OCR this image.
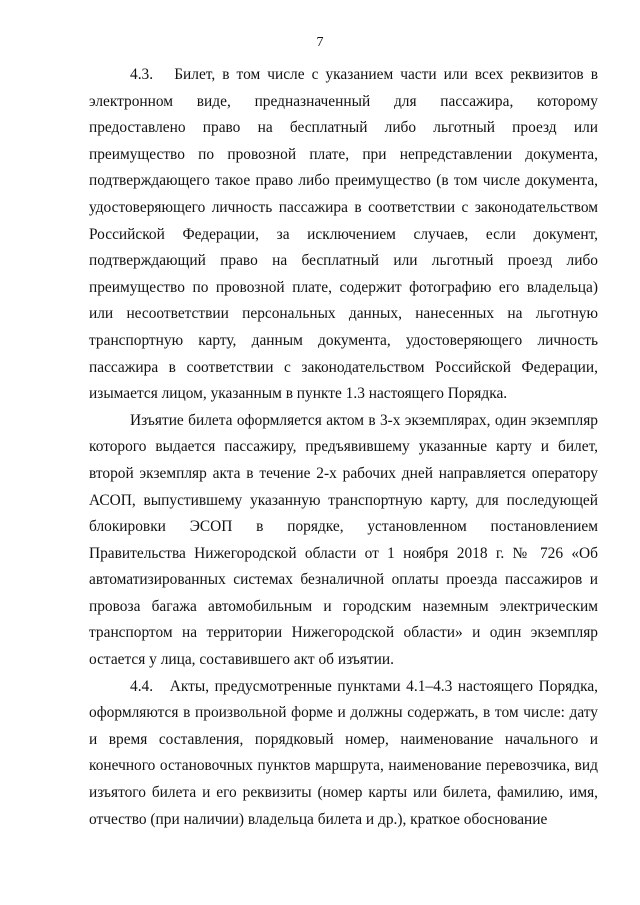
7

4.3. Билет, в том числе с указанием части или всех реквизитов в электронном виде, предназначенный для пассажира, которому предоставлено право на бесплатный либо льготный проезд или преимущество по провозной плате, при непредставлении документа, подтверждающего такое право либо преимущество (в том числе документа, удостоверяющего личность пассажира в соответствии с законодательством Российской Федерации, за исключением случаев, если документ, подтверждающий право на бесплатный или льготный проезд либо преимущество по провозной плате, содержит фотографию его владельца) или несоответствии персональных данных, нанесенных на льготную транспортную карту, данным документа, удостоверяющего личность пассажира в соответствии с законодательством Российской Федерации, изымается лицом, указанным в пункте 1.3 настоящего Порядка.

Изъятие билета оформляется актом в 3-х экземплярах, один экземпляр которого выдается пассажиру, предъявившему указанные карту и билет, второй экземпляр акта в течение 2-х рабочих дней направляется оператору АСОП, выпустившему указанную транспортную карту, для последующей блокировки ЭСОП в порядке, установленном постановлением Правительства Нижегородской области от 1 ноября 2018 г. № 726 «Об автоматизированных системах безналичной оплаты проезда пассажиров и провоза багажа автомобильным и городским наземным электрическим транспортом на территории Нижегородской области» и один экземпляр остается у лица, составившего акт об изъятии.

4.4. Акты, предусмотренные пунктами 4.1–4.3 настоящего Порядка, оформляются в произвольной форме и должны содержать, в том числе: дату и время составления, порядковый номер, наименование начального и конечного остановочных пунктов маршрута, наименование перевозчика, вид изъятого билета и его реквизиты (номер карты или билета, фамилию, имя, отчество (при наличии) владельца билета и др.), краткое обоснование
